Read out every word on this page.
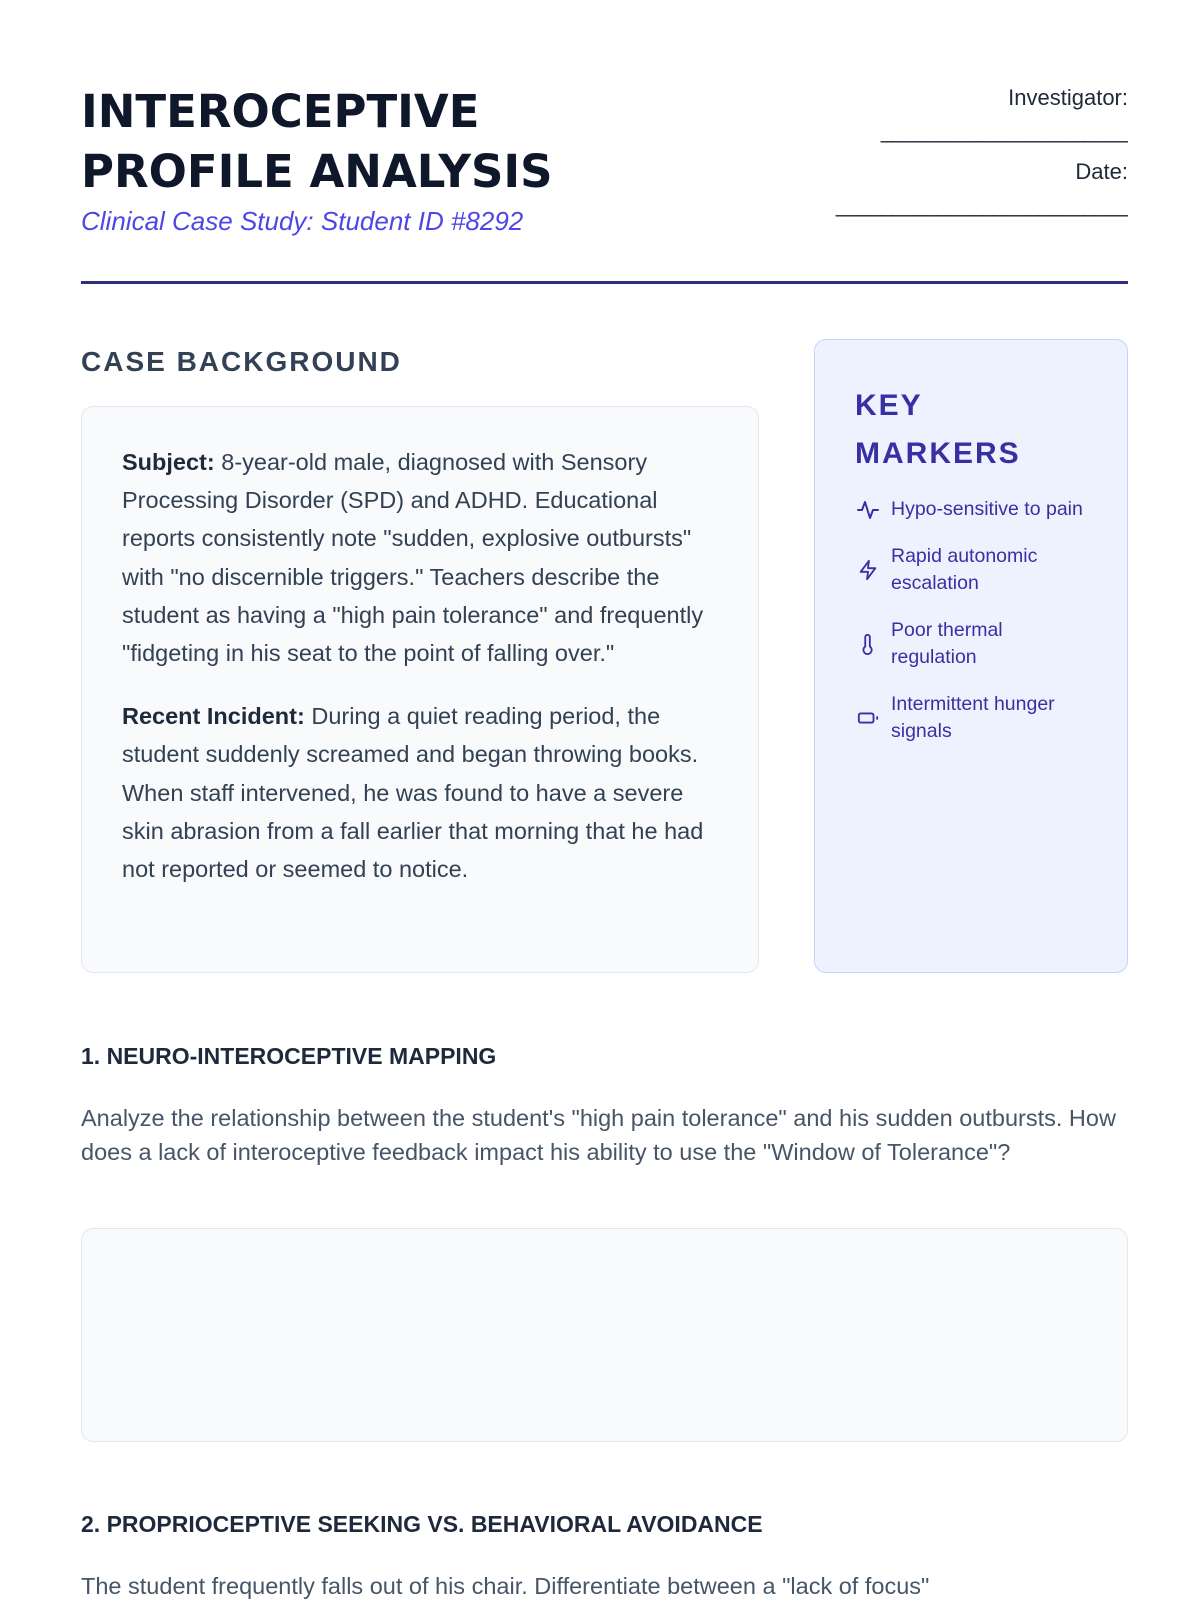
INTEROCEPTIVE
PROFILE ANALYSIS
Clinical Case Study: Student ID #8292
Investigator:
______________________
Date:
__________________________
CASE BACKGROUND

Subject: 8-year-old male, diagnosed with Sensory Processing Disorder (SPD) and ADHD. Educational reports consistently note "sudden, explosive outbursts" with "no discernible triggers." Teachers describe the student as having a "high pain tolerance" and frequently "fidgeting in his seat to the point of falling over."

Recent Incident: During a quiet reading period, the student suddenly screamed and began throwing books. When staff intervened, he was found to have a severe skin abrasion from a fall earlier that morning that he had not reported or seemed to notice.

KEY MARKERS
Hypo-sensitive to pain
Rapid autonomic escalation
Poor thermal regulation
Intermittent hunger signals
1. NEURO-INTEROCEPTIVE MAPPING
Analyze the relationship between the student's "high pain tolerance" and his sudden outbursts. How does a lack of interoceptive feedback impact his ability to use the "Window of Tolerance"?
2. PROPRIOCEPTIVE SEEKING VS. BEHAVIORAL AVOIDANCE
The student frequently falls out of his chair. Differentiate between a "lack of focus"
